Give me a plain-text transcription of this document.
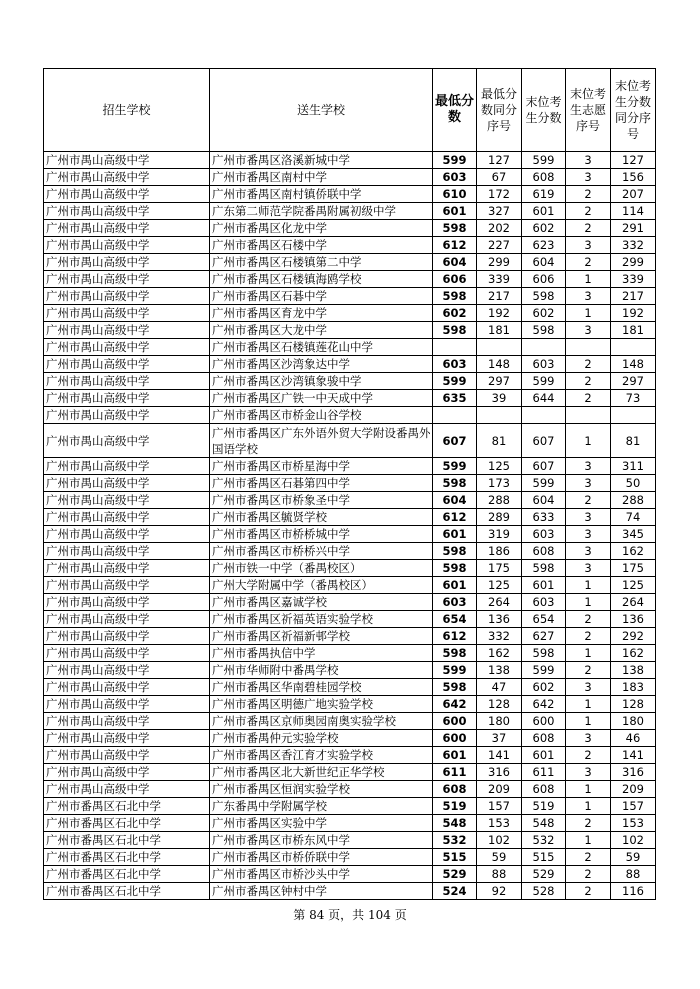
招生学校	送生学校	最低分数	最低分数同分序号	末位考生分数	末位考生志愿序号	末位考生分数同分序号
广州市禺山高级中学	广州市番禺区洛溪新城中学	599	127	599	3	127
广州市禺山高级中学	广州市番禺区南村中学	603	67	608	3	156
广州市禺山高级中学	广州市番禺区南村镇侨联中学	610	172	619	2	207
广州市禺山高级中学	广东第二师范学院番禺附属初级中学	601	327	601	2	114
广州市禺山高级中学	广州市番禺区化龙中学	598	202	602	2	291
广州市禺山高级中学	广州市番禺区石楼中学	612	227	623	3	332
广州市禺山高级中学	广州市番禺区石楼镇第二中学	604	299	604	2	299
广州市禺山高级中学	广州市番禺区石楼镇海鸥学校	606	339	606	1	339
广州市禺山高级中学	广州市番禺区石碁中学	598	217	598	3	217
广州市禺山高级中学	广州市番禺区育龙中学	602	192	602	1	192
广州市禺山高级中学	广州市番禺区大龙中学	598	181	598	3	181
广州市禺山高级中学	广州市番禺区石楼镇莲花山中学					
广州市禺山高级中学	广州市番禺区沙湾象达中学	603	148	603	2	148
广州市禺山高级中学	广州市番禺区沙湾镇象骏中学	599	297	599	2	297
广州市禺山高级中学	广州市番禺区广铁一中天成中学	635	39	644	2	73
广州市禺山高级中学	广州市番禺区市桥金山谷学校					
广州市禺山高级中学	广州市番禺区广东外语外贸大学附设番禺外国语学校	607	81	607	1	81
广州市禺山高级中学	广州市番禺区市桥星海中学	599	125	607	3	311
广州市禺山高级中学	广州市番禺区石碁第四中学	598	173	599	3	50
广州市禺山高级中学	广州市番禺区市桥象圣中学	604	288	604	2	288
广州市禺山高级中学	广州市番禺区毓贤学校	612	289	633	3	74
广州市禺山高级中学	广州市番禺区市桥桥城中学	601	319	603	3	345
广州市禺山高级中学	广州市番禺区市桥桥兴中学	598	186	608	3	162
广州市禺山高级中学	广州市铁一中学（番禺校区）	598	175	598	3	175
广州市禺山高级中学	广州大学附属中学（番禺校区）	601	125	601	1	125
广州市禺山高级中学	广州市番禺区嘉诚学校	603	264	603	1	264
广州市禺山高级中学	广州市番禺区祈福英语实验学校	654	136	654	2	136
广州市禺山高级中学	广州市番禺区祈福新邨学校	612	332	627	2	292
广州市禺山高级中学	广州市番禺执信中学	598	162	598	1	162
广州市禺山高级中学	广州市华师附中番禺学校	599	138	599	2	138
广州市禺山高级中学	广州市番禺区华南碧桂园学校	598	47	602	3	183
广州市禺山高级中学	广州市番禺区明德广地实验学校	642	128	642	1	128
广州市禺山高级中学	广州市番禺区京师奥园南奥实验学校	600	180	600	1	180
广州市禺山高级中学	广州市番禺仲元实验学校	600	37	608	3	46
广州市禺山高级中学	广州市番禺区香江育才实验学校	601	141	601	2	141
广州市禺山高级中学	广州市番禺区北大新世纪正华学校	611	316	611	3	316
广州市禺山高级中学	广州市番禺区恒润实验学校	608	209	608	1	209
广州市番禺区石北中学	广东番禺中学附属学校	519	157	519	1	157
广州市番禺区石北中学	广州市番禺区实验中学	548	153	548	2	153
广州市番禺区石北中学	广州市番禺区市桥东风中学	532	102	532	1	102
广州市番禺区石北中学	广州市番禺区市桥侨联中学	515	59	515	2	59
广州市番禺区石北中学	广州市番禺区市桥沙头中学	529	88	529	2	88
广州市番禺区石北中学	广州市番禺区钟村中学	524	92	528	2	116
第 84 页，共 104 页
